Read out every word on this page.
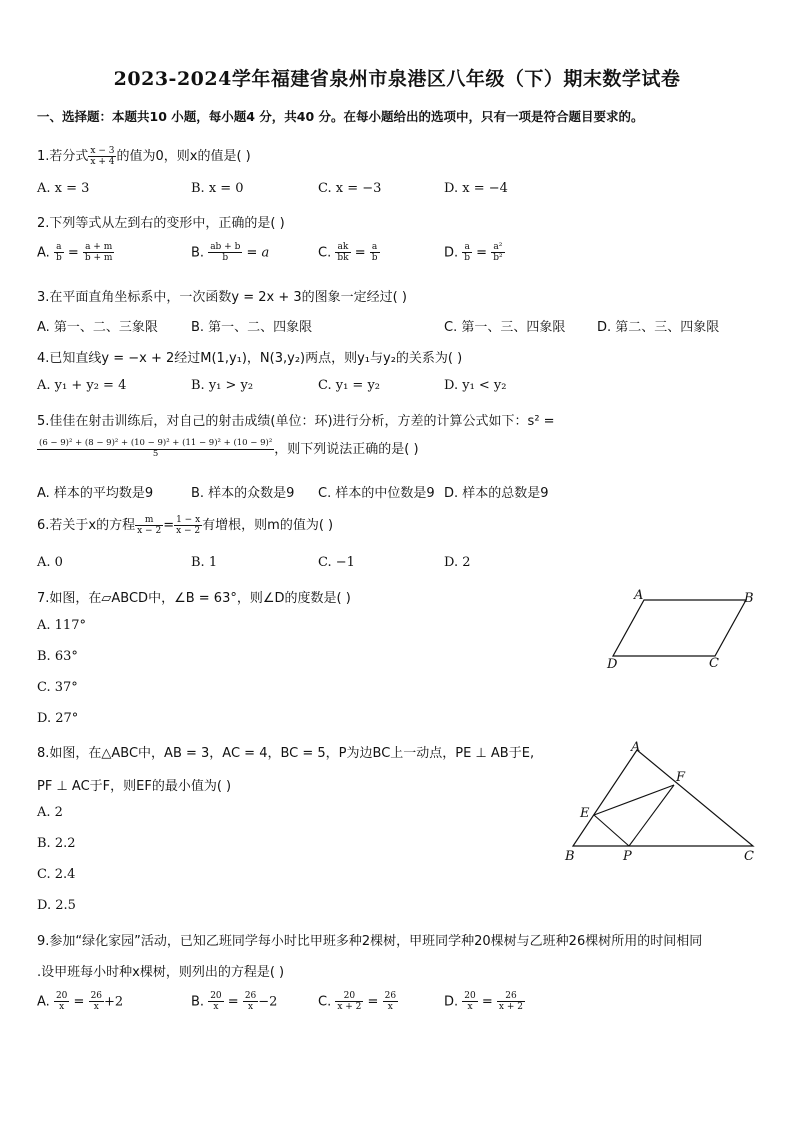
2023-2024学年福建省泉州市泉港区八年级（下）期末数学试卷
一、选择题：本题共10 小题，每小题4 分，共40 分。在每小题给出的选项中，只有一项是符合题目要求的。
1.若分式 $\frac{x - 3}{x + 4}$ 的值为0，则x的值是( )
A. x = 3	B. x = 0	C. x = −3	D. x = −4
2.下列等式从左到右的变形中，正确的是( )
A. $\frac{a}{b} = \frac{a + m}{b + m}$	B. $\frac{ab + b}{b} = a$	C. $\frac{ak}{bk} = \frac{a}{b}$	D. $\frac{a}{b} = \frac{\text{a²}}{\text{b²}}$
3.在平面直角坐标系中，一次函数y = 2x + 3的图象一定经过( )
A. 第一、二、三象限	B. 第一、二、四象限	C. 第一、三、四象限 D. 第二、三、四象限
4.已知直线y = −x + 2经过M(1,y₁)，N(3,y₂)两点，则y₁与y₂的关系为( )
A. y₁ + y₂ = 4	B. y₁ > y₂	C. y₁ = y₂	D. y₁ < y₂
5.佳佳在射击训练后，对自己的射击成绩(单位：环)进行分析，方差的计算公式如下：s² =
$\frac{\text{(6 − 9)² + (8 − 9)² + (10 − 9)² + (11 − 9)² + (10 − 9)²}}{5}$ ，则下列说法正确的是( )
A. 样本的平均数是9	B. 样本的众数是9 C. 样本的中位数是9 D. 样本的总数是9
6.若关于x的方程 $\frac{m}{x - 2} = \frac{1 - x}{x - 2}$ 有增根，则m的值为( )
A. 0	B. 1	C. −1	D. 2
7.如图，在▱ABCD中，∠B = 63°，则∠D的度数是( )
A. 117°
B. 63°
C. 37°
D. 27°
A	B
C
D
8.如图，在△ABC中，AB = 3，AC = 4，BC = 5，P为边BC上一动点，PE ⊥ AB于E,
PF ⊥ AC于F，则EF的最小值为( )
A. 2
B. 2.2
C. 2.4
D. 2.5
A
F
E
B	P	C
9.参加“绿化家园”活动，已知乙班同学每小时比甲班多种2棵树，甲班同学种20棵树与乙班种26棵树所用的时间相同
.设甲班每小时种x棵树，则列出的方程是( )
A. $\frac{20}{x} = \frac{26}{x} +2$	B. $\frac{20}{x} = \frac{26}{x} -2$	C. $\frac{20}{x + 2} = \frac{26}{x}$	D. $\frac{20}{x} = \frac{26}{x + 2}$
